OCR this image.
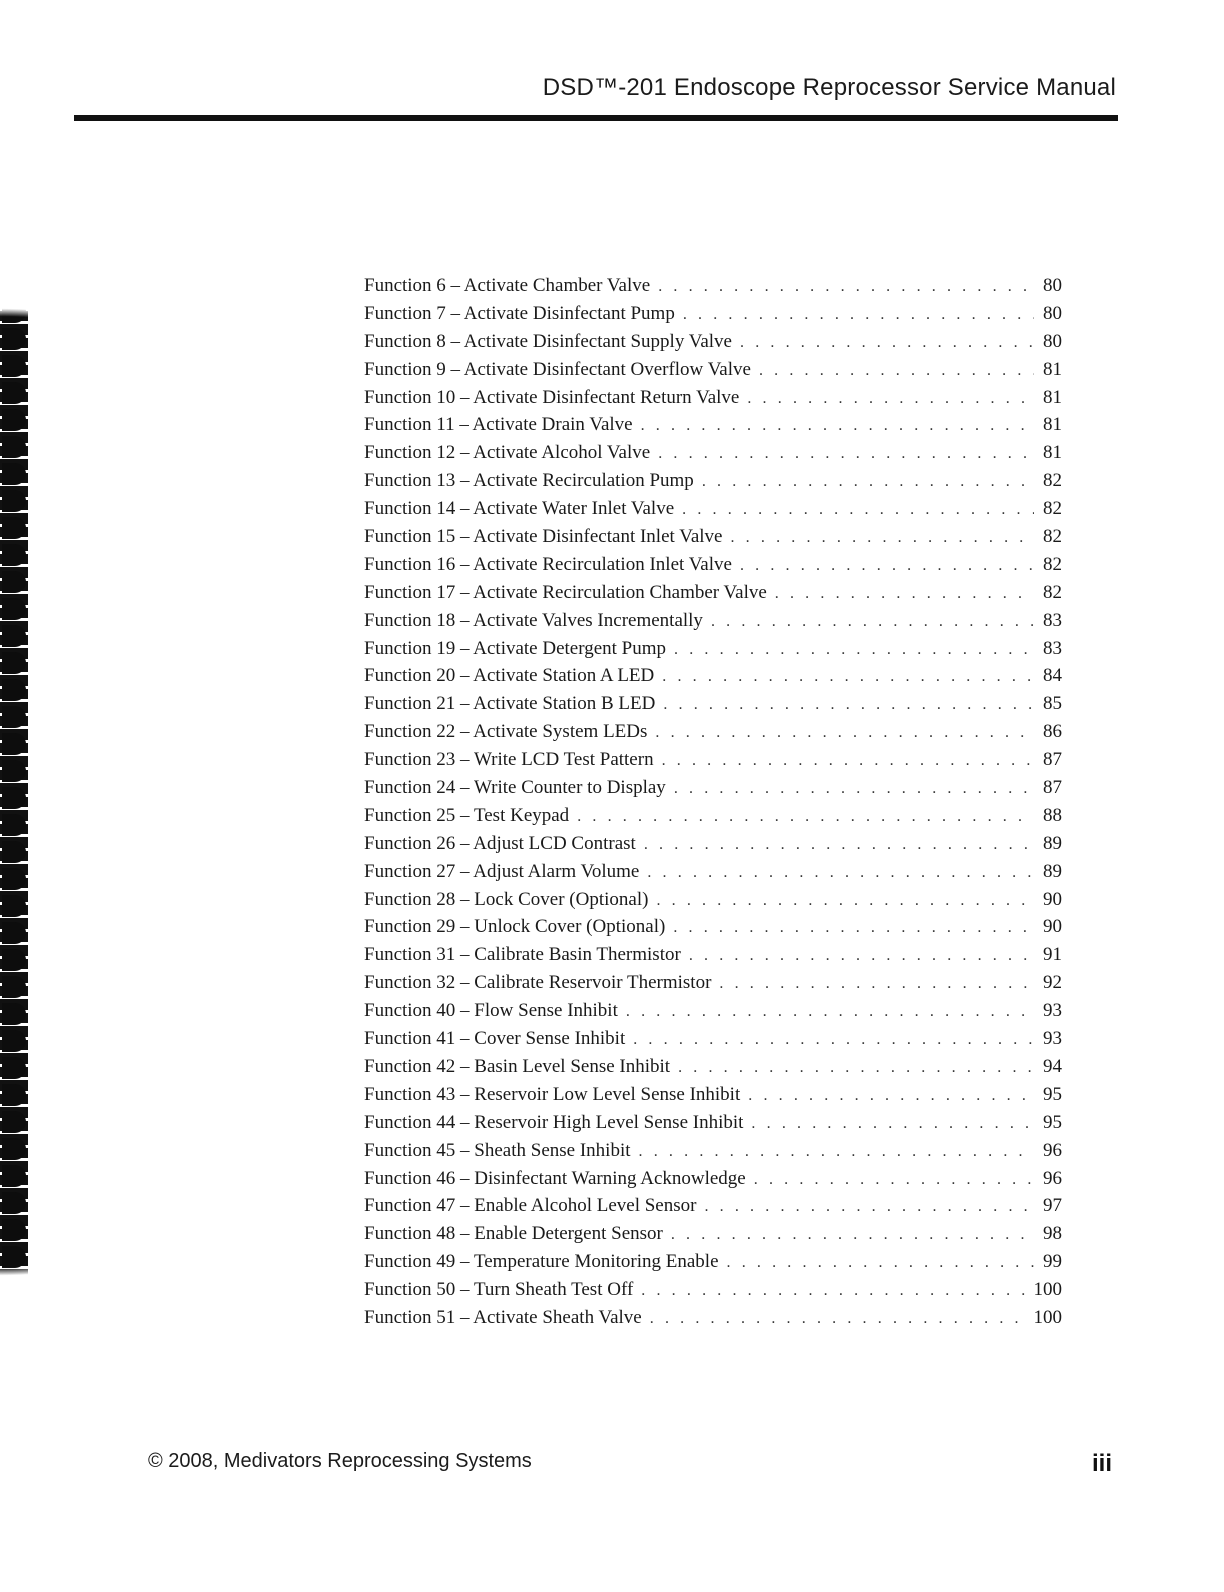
DSD™-201 Endoscope Reprocessor Service Manual
Function 6 – Activate Chamber Valve . . .	80
Function 7 – Activate Disinfectant Pump . . .	80
Function 8 – Activate Disinfectant Supply Valve . . .	80
Function 9 – Activate Disinfectant Overflow Valve . . .	81
Function 10 – Activate Disinfectant Return Valve . . .	81
Function 11 – Activate Drain Valve . . .	81
Function 12 – Activate Alcohol Valve . . .	81
Function 13 – Activate Recirculation Pump . . .	82
Function 14 – Activate Water Inlet Valve . . .	82
Function 15 – Activate Disinfectant Inlet Valve . . .	82
Function 16 – Activate Recirculation Inlet Valve . . .	82
Function 17 – Activate Recirculation Chamber Valve . . .	82
Function 18 – Activate Valves Incrementally . . .	83
Function 19 – Activate Detergent Pump . . .	83
Function 20 – Activate Station A LED . . .	84
Function 21 – Activate Station B LED . . .	85
Function 22 – Activate System LEDs . . .	86
Function 23 – Write LCD Test Pattern . . .	87
Function 24 – Write Counter to Display . . .	87
Function 25 – Test Keypad . . .	88
Function 26 – Adjust LCD Contrast . . .	89
Function 27 – Adjust Alarm Volume . . .	89
Function 28 – Lock Cover (Optional) . . .	90
Function 29 – Unlock Cover (Optional) . . .	90
Function 31 – Calibrate Basin Thermistor . . .	91
Function 32 – Calibrate Reservoir Thermistor . . .	92
Function 40 – Flow Sense Inhibit . . .	93
Function 41 – Cover Sense Inhibit . . .	93
Function 42 – Basin Level Sense Inhibit . . .	94
Function 43 – Reservoir Low Level Sense Inhibit . . .	95
Function 44 – Reservoir High Level Sense Inhibit . . .	95
Function 45 – Sheath Sense Inhibit . . .	96
Function 46 – Disinfectant Warning Acknowledge . . .	96
Function 47 – Enable Alcohol Level Sensor . . .	97
Function 48 – Enable Detergent Sensor . . .	98
Function 49 – Temperature Monitoring Enable . . .	99
Function 50 – Turn Sheath Test Off . . .	100
Function 51 – Activate Sheath Valve . . .	100
© 2008, Medivators Reprocessing Systems	iii
